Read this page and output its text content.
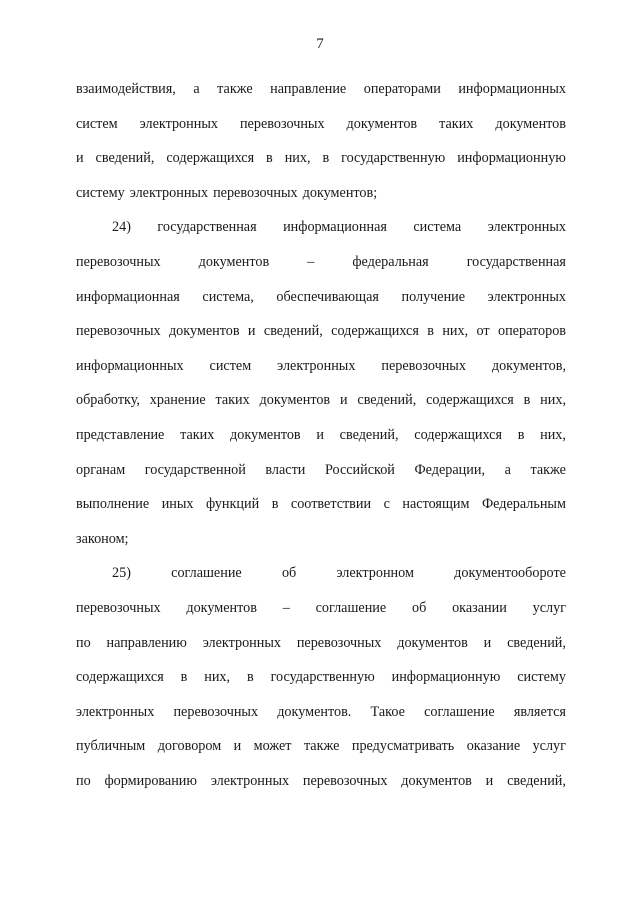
7
взаимодействия, а также направление операторами информационных
систем электронных перевозочных документов таких документов
и сведений, содержащихся в них, в государственную информационную
систему электронных перевозочных документов;
24) государственная информационная система электронных
перевозочных	документов	–	федеральная	государственная
информационная система, обеспечивающая получение электронных
перевозочных документов и сведений, содержащихся в них, от операторов
информационных систем электронных перевозочных документов,
обработку, хранение таких документов и сведений, содержащихся в них,
представление таких документов и сведений, содержащихся в них,
органам государственной власти Российской Федерации, а также
выполнение иных функций в соответствии с настоящим Федеральным
законом;
25)	соглашение	об	электронном	документообороте
перевозочных документов – соглашение об оказании услуг
по направлению электронных перевозочных документов и сведений,
содержащихся в них, в государственную информационную систему
электронных перевозочных документов. Такое соглашение является
публичным договором и может также предусматривать оказание услуг
по формированию электронных перевозочных документов и сведений,
